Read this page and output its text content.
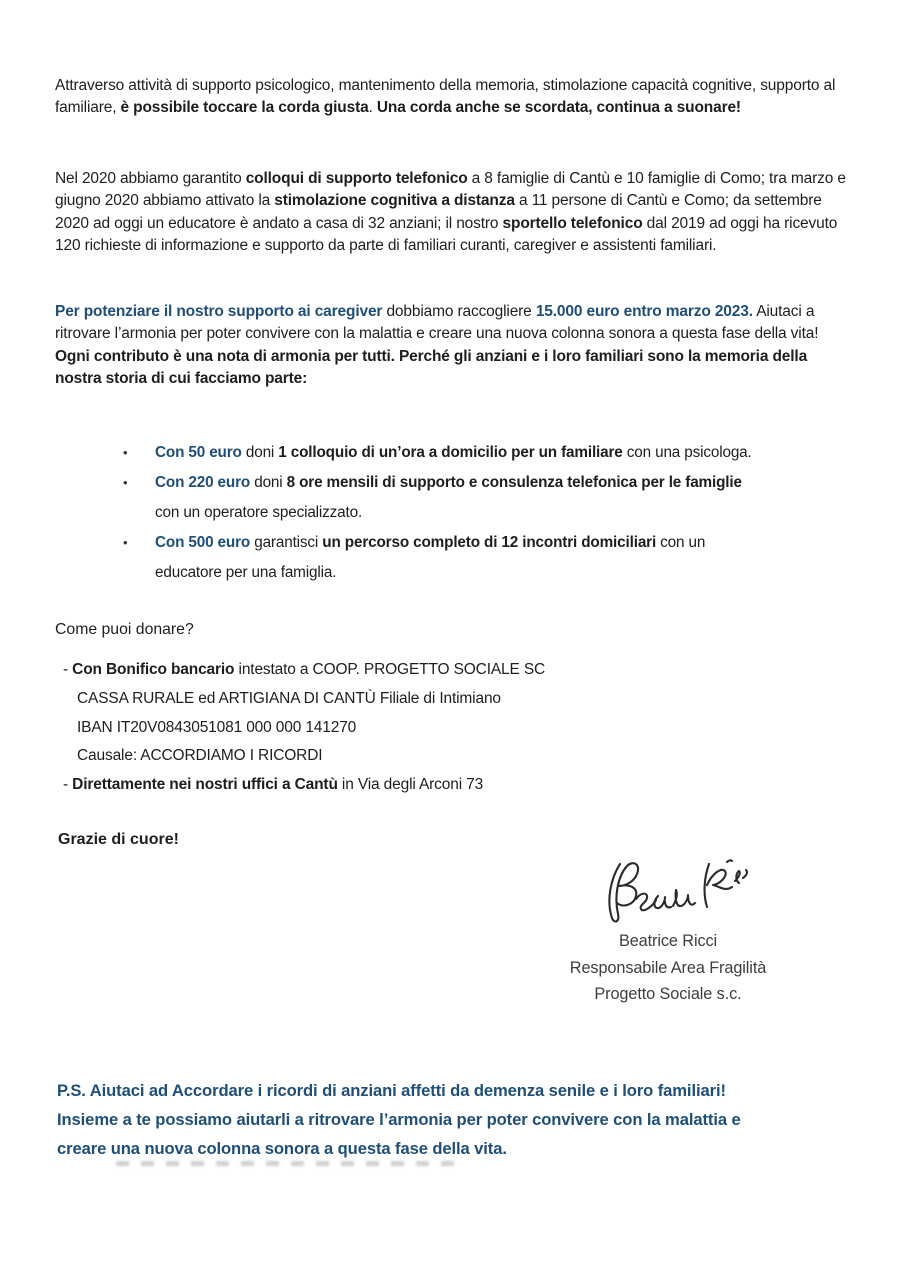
Attraverso attività di supporto psicologico, mantenimento della memoria, stimolazione capacità cognitive, supporto al familiare, è possibile toccare la corda giusta. Una corda anche se scordata, continua a suonare!
Nel 2020 abbiamo garantito colloqui di supporto telefonico a 8 famiglie di Cantù e 10 famiglie di Como; tra marzo e giugno 2020 abbiamo attivato la stimolazione cognitiva a distanza a 11 persone di Cantù e Como; da settembre 2020 ad oggi un educatore è andato a casa di 32 anziani; il nostro sportello telefonico dal 2019 ad oggi ha ricevuto 120 richieste di informazione e supporto da parte di familiari curanti, caregiver e assistenti familiari.
Per potenziare il nostro supporto ai caregiver dobbiamo raccogliere 15.000 euro entro marzo 2023. Aiutaci a ritrovare l’armonia per poter convivere con la malattia e creare una nuova colonna sonora a questa fase della vita!
Ogni contributo è una nota di armonia per tutti. Perché gli anziani e i loro familiari sono la memoria della nostra storia di cui facciamo parte:
• Con 50 euro doni 1 colloquio di un’ora a domicilio per un familiare con una psicologa.
• Con 220 euro doni 8 ore mensili di supporto e consulenza telefonica per le famiglie
con un operatore specializzato.
• Con 500 euro garantisci un percorso completo di 12 incontri domiciliari con un
educatore per una famiglia.
Come puoi donare?
- Con Bonifico bancario intestato a COOP. PROGETTO SOCIALE SC
CASSA RURALE ed ARTIGIANA DI CANTÙ Filiale di Intimiano
IBAN IT20V0843051081 000 000 141270
Causale: ACCORDIAMO I RICORDI
- Direttamente nei nostri uffici a Cantù in Via degli Arconi 73
Grazie di cuore!
Beatrice Ricci
Responsabile Area Fragilità
Progetto Sociale s.c.
P.S. Aiutaci ad Accordare i ricordi di anziani affetti da demenza senile e i loro familiari!
Insieme a te possiamo aiutarli a ritrovare l’armonia per poter convivere con la malattia e
creare una nuova colonna sonora a questa fase della vita.
